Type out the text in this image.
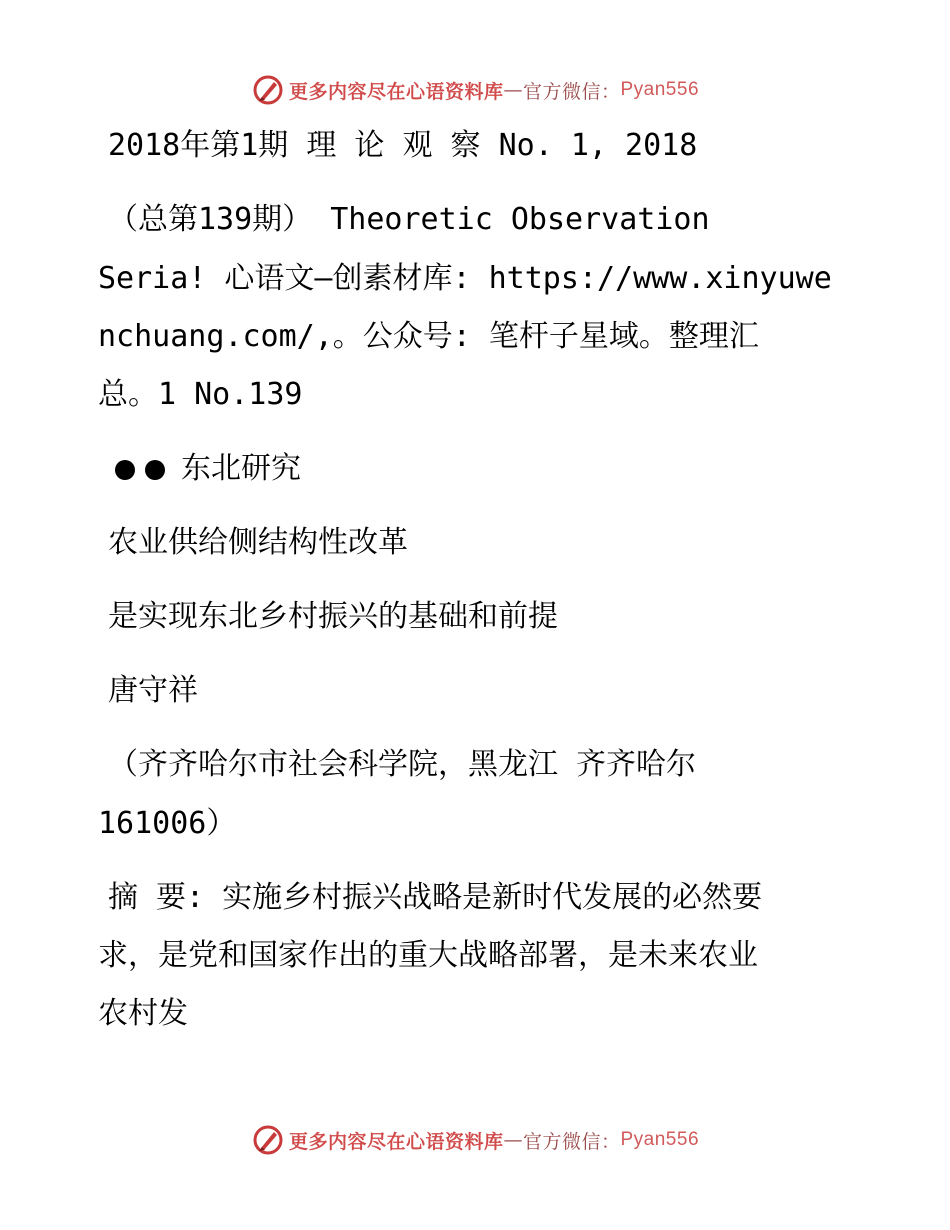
更多内容尽在心语资料库 — 官方微信： Pyan556
2018年第1期 理 论 观 察 No. 1, 2018
（总第139期） Theoretic Observation
Seria! 心语文—创素材库: https://www.xinyuwe
nchuang.com/,。公众号: 笔杆子星域。整理汇
总。1 No.139
东北研究
农业供给侧结构性改革
是实现东北乡村振兴的基础和前提
唐守祥
（齐齐哈尔市社会科学院，黑龙江 齐齐哈尔
161006）
摘 要: 实施乡村振兴战略是新时代发展的必然要
求，是党和国家作出的重大战略部署，是未来农业
农村发
更多内容尽在心语资料库 — 官方微信： Pyan556
